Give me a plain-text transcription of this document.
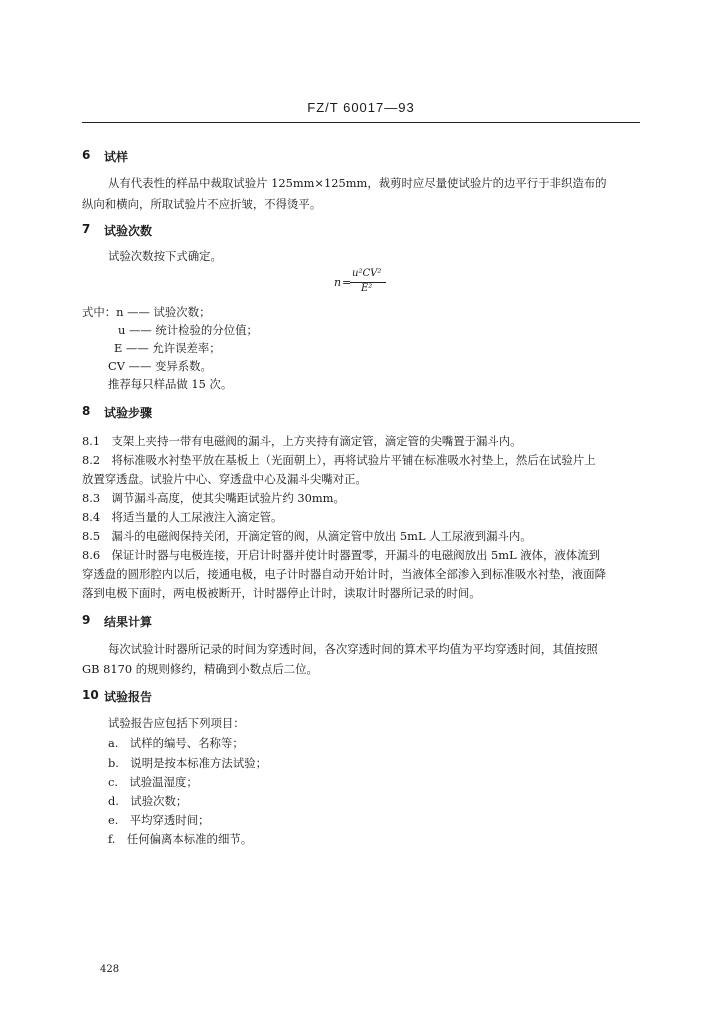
FZ/T 60017—93
6 试样
从有代表性的样品中裁取试验片 125mm×125mm，裁剪时应尽量使试验片的边平行于非织造布的
纵向和横向，所取试验片不应折皱，不得烫平。
7 试验次数
试验次数按下式确定。
n =
u²CV²
E²
式中：n —— 试验次数；
u —— 统计检验的分位值；
E —— 允许误差率；
CV —— 变异系数。
推荐每只样品做 15 次。
8 试验步骤
8.1　支架上夹持一带有电磁阀的漏斗，上方夹持有滴定管，滴定管的尖嘴置于漏斗内。
8.2　将标准吸水衬垫平放在基板上（光面朝上），再将试验片平铺在标准吸水衬垫上，然后在试验片上
放置穿透盘。试验片中心、穿透盘中心及漏斗尖嘴对正。
8.3　调节漏斗高度，使其尖嘴距试验片约 30mm。
8.4　将适当量的人工尿液注入滴定管。
8.5　漏斗的电磁阀保持关闭，开滴定管的阀，从滴定管中放出 5mL 人工尿液到漏斗内。
8.6　保证计时器与电极连接，开启计时器并使计时器置零，开漏斗的电磁阀放出 5mL 液体，液体流到
穿透盘的圆形腔内以后，接通电极，电子计时器自动开始计时，当液体全部渗入到标准吸水衬垫，液面降
落到电极下面时，两电极被断开，计时器停止计时，读取计时器所记录的时间。
9 结果计算
每次试验计时器所记录的时间为穿透时间，各次穿透时间的算术平均值为平均穿透时间，其值按照
GB 8170 的规则修约，精确到小数点后二位。
10 试验报告
试验报告应包括下列项目：
a.　试样的编号、名称等；
b.　说明是按本标准方法试验；
c.　试验温湿度；
d.　试验次数；
e.　平均穿透时间；
f.　任何偏离本标准的细节。
428
